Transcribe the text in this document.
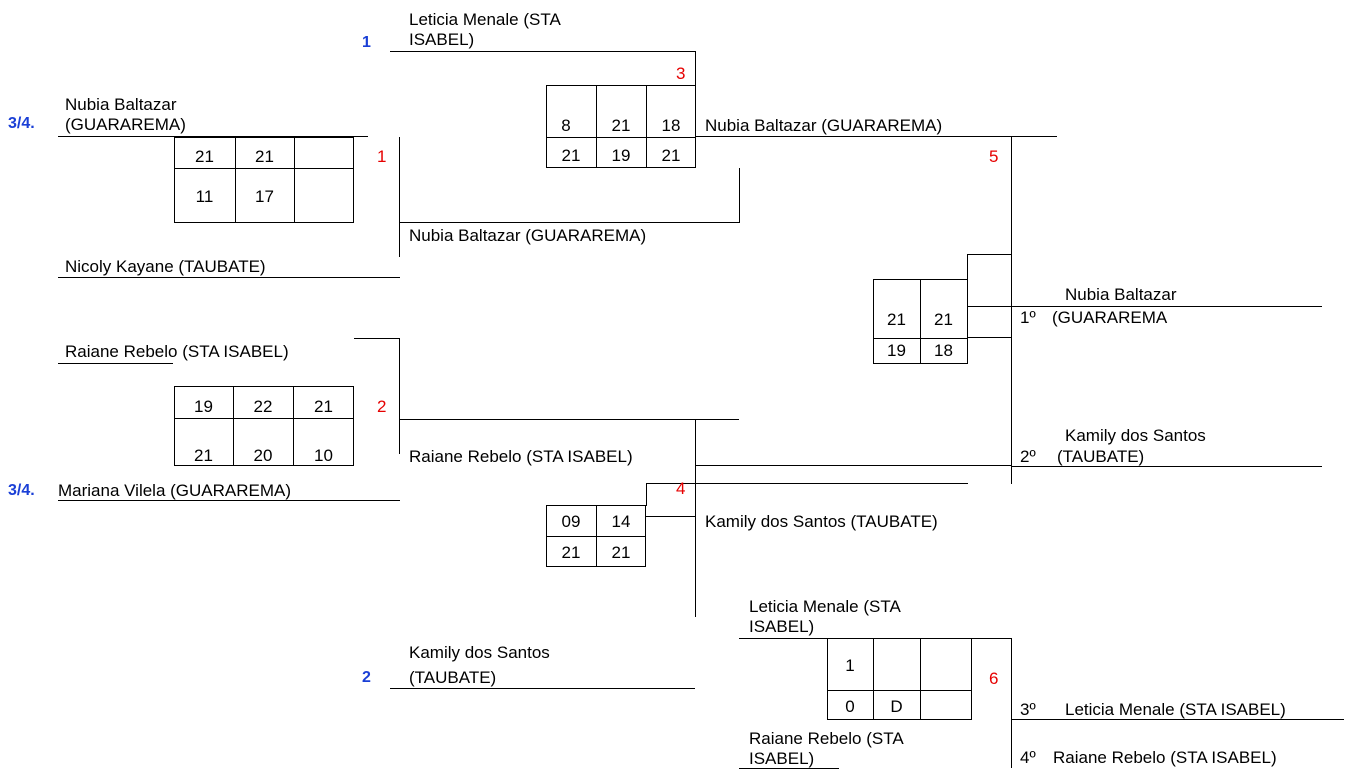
1
3/4.
3/4.
2
Leticia Menale (STA
ISABEL)
Nubia Baltazar
(GUARAREMA)
Nicoly Kayane (TAUBATE)
Raiane Rebelo (STA ISABEL)
Mariana Vilela (GUARAREMA)
Kamily dos Santos
(TAUBATE)
Leticia Menale (STA
ISABEL)
Raiane Rebelo (STA
ISABEL)
21	21
11	17
1
Nubia Baltazar (GUARAREMA)
8	21	18
21	19	21
3
Nubia Baltazar (GUARAREMA)
19	22	21
21	20	10
2
Raiane Rebelo (STA ISABEL)
09	14
21	21
4
Kamily dos Santos (TAUBATE)
5
21	21
19	18
Nubia Baltazar
1º (GUARAREMA
Kamily dos Santos
2º (TAUBATE)
1
0	D
6
3º Leticia Menale (STA ISABEL)
4º Raiane Rebelo (STA ISABEL)
